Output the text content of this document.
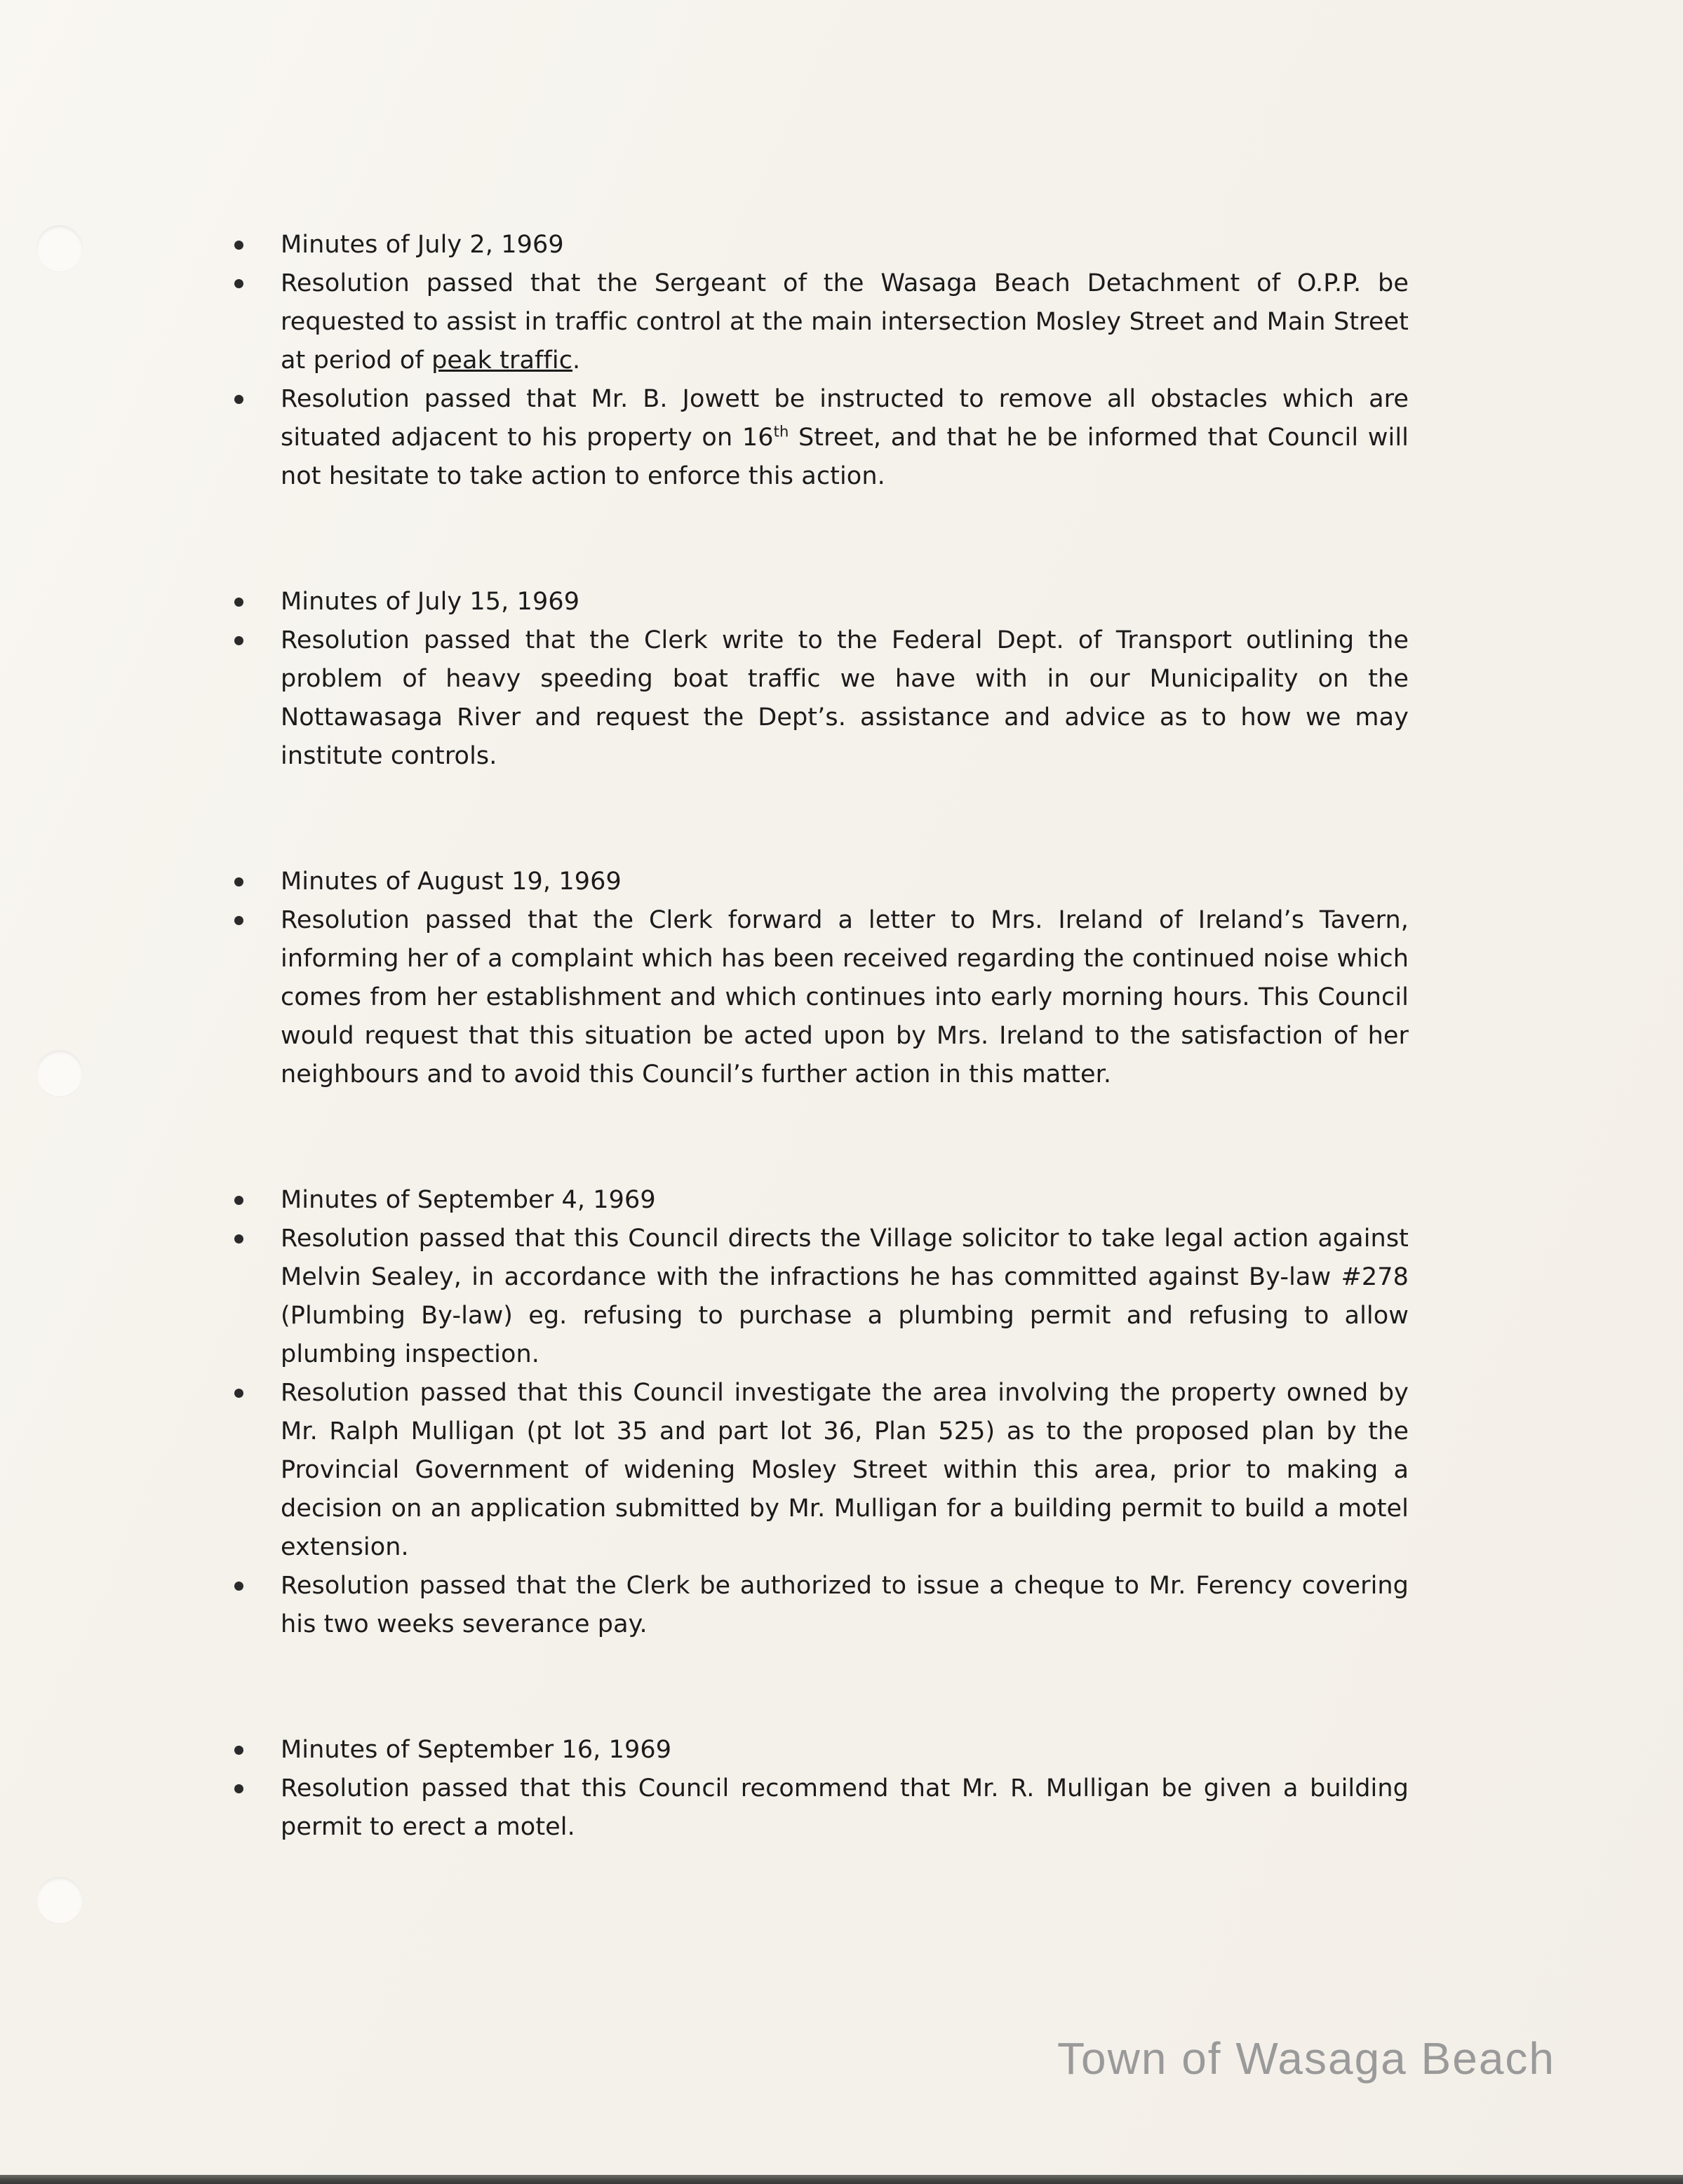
Minutes of July 2, 1969
Resolution passed that the Sergeant of the Wasaga Beach Detachment of O.P.P. be requested to assist in traffic control at the main intersection Mosley Street and Main Street at period of peak traffic.
Resolution passed that Mr. B. Jowett be instructed to remove all obstacles which are situated adjacent to his property on 16th Street, and that he be informed that Council will not hesitate to take action to enforce this action.
Minutes of July 15, 1969
Resolution passed that the Clerk write to the Federal Dept. of Transport outlining the problem of heavy speeding boat traffic we have with in our Municipality on the Nottawasaga River and request the Dept’s. assistance and advice as to how we may institute controls.
Minutes of August 19, 1969
Resolution passed that the Clerk forward a letter to Mrs. Ireland of Ireland’s Tavern, informing her of a complaint which has been received regarding the continued noise which comes from her establishment and which continues into early morning hours. This Council would request that this situation be acted upon by Mrs. Ireland to the satisfaction of her neighbours and to avoid this Council’s further action in this matter.
Minutes of September 4, 1969
Resolution passed that this Council directs the Village solicitor to take legal action against Melvin Sealey, in accordance with the infractions he has committed against By-law #278 (Plumbing By-law) eg. refusing to purchase a plumbing permit and refusing to allow plumbing inspection.
Resolution passed that this Council investigate the area involving the property owned by Mr. Ralph Mulligan (pt lot 35 and part lot 36, Plan 525) as to the proposed plan by the Provincial Government of widening Mosley Street within this area, prior to making a decision on an application submitted by Mr. Mulligan for a building permit to build a motel extension.
Resolution passed that the Clerk be authorized to issue a cheque to Mr. Ferency covering his two weeks severance pay.
Minutes of September 16, 1969
Resolution passed that this Council recommend that Mr. R. Mulligan be given a building permit to erect a motel.
Town of Wasaga Beach
